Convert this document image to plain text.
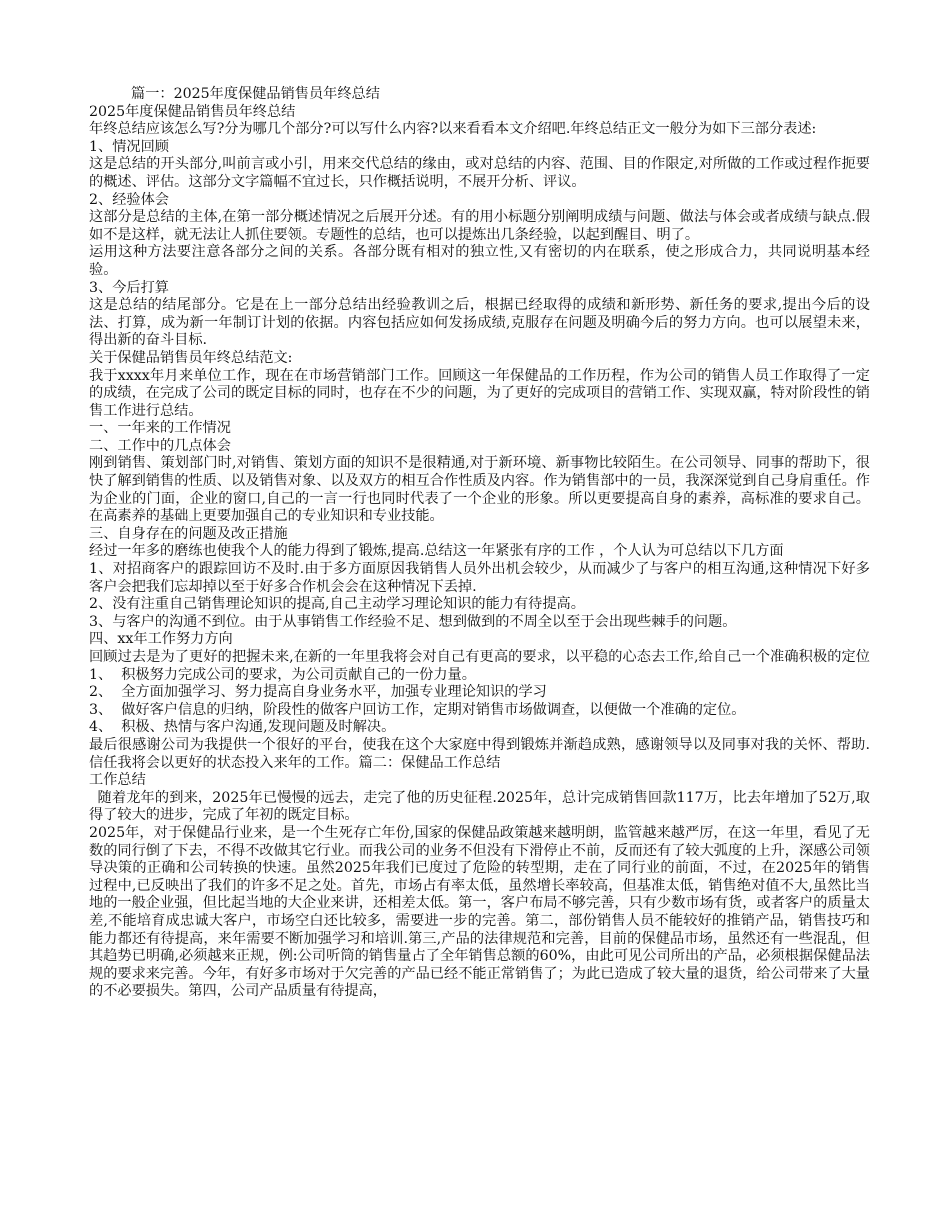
篇一：2025年度保健品销售员年终总结

2025年度保健品销售员年终总结

年终总结应该怎么写?分为哪几个部分?可以写什么内容?以来看看本文介绍吧.年终总结正文一般分为如下三部分表述:

1、情况回顾

这是总结的开头部分,叫前言或小引，用来交代总结的缘由，或对总结的内容、范围、目的作限定,对所做的工作或过程作扼要的概述、评估。这部分文字篇幅不宜过长，只作概括说明，不展开分析、评议。

2、经验体会

这部分是总结的主体,在第一部分概述情况之后展开分述。有的用小标题分别阐明成绩与问题、做法与体会或者成绩与缺点.假如不是这样，就无法让人抓住要领。专题性的总结，也可以提炼出几条经验，以起到醒目、明了。

运用这种方法要注意各部分之间的关系。各部分既有相对的独立性,又有密切的内在联系，使之形成合力，共同说明基本经验。

3、今后打算

这是总结的结尾部分。它是在上一部分总结出经验教训之后，根据已经取得的成绩和新形势、新任务的要求,提出今后的设法、打算，成为新一年制订计划的依据。内容包括应如何发扬成绩,克服存在问题及明确今后的努力方向。也可以展望未来，得出新的奋斗目标.

关于保健品销售员年终总结范文:

我于xxxx年月来单位工作，现在在市场营销部门工作。回顾这一年保健品的工作历程，作为公司的销售人员工作取得了一定的成绩，在完成了公司的既定目标的同时，也存在不少的问题，为了更好的完成项目的营销工作、实现双赢，特对阶段性的销售工作进行总结。

一、一年来的工作情况

二、工作中的几点体会

刚到销售、策划部门时,对销售、策划方面的知识不是很精通,对于新环境、新事物比较陌生。在公司领导、同事的帮助下，很快了解到销售的性质、以及销售对象、以及双方的相互合作性质及内容。作为销售部中的一员，我深深觉到自己身肩重任。作为企业的门面，企业的窗口,自己的一言一行也同时代表了一个企业的形象。所以更要提高自身的素养，高标准的要求自己。在高素养的基础上更要加强自己的专业知识和专业技能。

三、自身存在的问题及改正措施

经过一年多的磨练也使我个人的能力得到了锻炼,提高.总结这一年紧张有序的工作 ，个人认为可总结以下几方面

1、对招商客户的跟踪回访不及时.由于多方面原因我销售人员外出机会较少，从而减少了与客户的相互沟通,这种情况下好多客户会把我们忘却掉以至于好多合作机会会在这种情况下丢掉.

2、没有注重自己销售理论知识的提高,自己主动学习理论知识的能力有待提高。

3、与客户的沟通不到位。由于从事销售工作经验不足、想到做到的不周全以至于会出现些棘手的问题。

四、xx年工作努力方向

回顾过去是为了更好的把握未来,在新的一年里我将会对自己有更高的要求，以平稳的心态去工作,给自己一个准确积极的定位1、  积极努力完成公司的要求，为公司贡献自己的一份力量。

2、  全方面加强学习、努力提高自身业务水平，加强专业理论知识的学习

3、  做好客户信息的归纳，阶段性的做客户回访工作，定期对销售市场做调查，以便做一个准确的定位。

4、  积极、热情与客户沟通,发现问题及时解决。

最后很感谢公司为我提供一个很好的平台，使我在这个大家庭中得到锻炼并渐趋成熟，感谢领导以及同事对我的关怀、帮助.信任我将会以更好的状态投入来年的工作。篇二：保健品工作总结

工作总结

随着龙年的到来，2025年已慢慢的远去，走完了他的历史征程.2025年，总计完成销售回款117万，比去年增加了52万,取得了较大的进步，完成了年初的既定目标。

2025年，对于保健品行业来，是一个生死存亡年份,国家的保健品政策越来越明朗，监管越来越严厉，在这一年里，看见了无数的同行倒了下去，不得不改做其它行业。而我公司的业务不但没有下滑停止不前，反而还有了较大弧度的上升，深感公司领导决策的正确和公司转换的快速。虽然2025年我们已度过了危险的转型期，走在了同行业的前面，不过，在2025年的销售过程中,已反映出了我们的许多不足之处。首先，市场占有率太低，虽然增长率较高，但基准太低，销售绝对值不大,虽然比当地的一般企业强，但比起当地的大企业来讲，还相差太低。第一，客户布局不够完善，只有少数市场有货，或者客户的质量太差,不能培育成忠诚大客户，市场空白还比较多，需要进一步的完善。第二，部份销售人员不能较好的推销产品，销售技巧和能力都还有待提高，来年需要不断加强学习和培训.第三,产品的法律规范和完善，目前的保健品市场，虽然还有一些混乱，但其趋势已明确,必须越来正规，例:公司听筒的销售量占了全年销售总额的60%，由此可见公司所出的产品，必须根据保健品法规的要求来完善。今年，有好多市场对于欠完善的产品已经不能正常销售了；为此已造成了较大量的退货，给公司带来了大量的不必要损失。第四，公司产品质量有待提高，
